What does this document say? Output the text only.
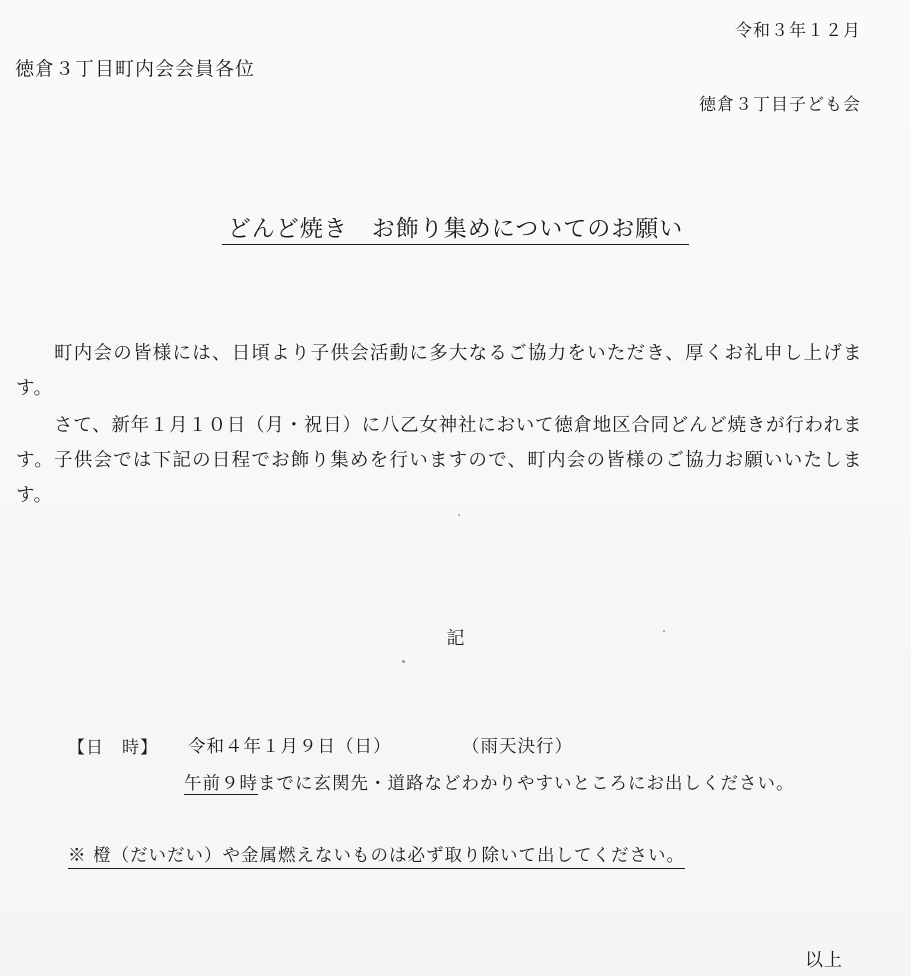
令和３年１２月
徳倉３丁目町内会会員各位
徳倉３丁目子ども会
どんど焼き　お飾り集めについてのお願い
町内会の皆様には、日頃より子供会活動に多大なるご協力をいただき、厚くお礼申し上げます。
さて、新年１月１０日（月・祝日）に八乙女神社において徳倉地区合同どんど焼きが行われます。子供会では下記の日程でお飾り集めを行いますので、町内会の皆様のご協力お願いいたします。
記
【日　時】 令和４年１月９日（日）	（雨天決行）
午前９時までに玄関先・道路などわかりやすいところにお出しください。
※ 橙（だいだい）や金属燃えないものは必ず取り除いて出してください。
以上
